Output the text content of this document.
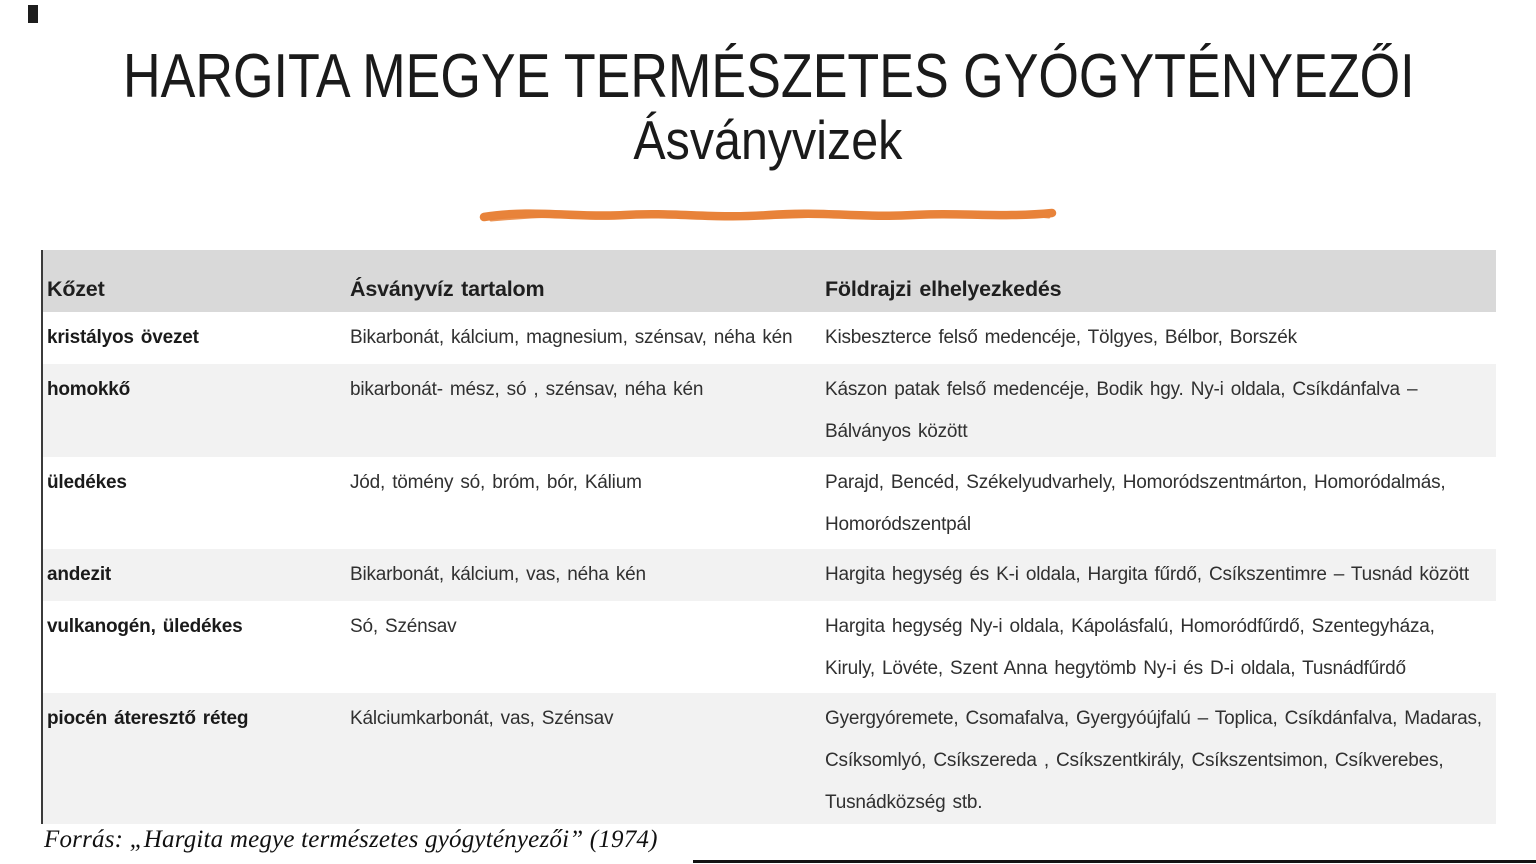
HARGITA MEGYE TERMÉSZETES GYÓGYTÉNYEZŐI
Ásványvizek
Kőzet	Ásványvíz tartalom	Földrajzi elhelyezkedés
kristályos övezet	Bikarbonát, kálcium, magnesium, szénsav, néha kén	Kisbeszterce felső medencéje, Tölgyes, Bélbor, Borszék
homokkő	bikarbonát- mész, só , szénsav, néha kén	Kászon patak felső medencéje, Bodik hgy. Ny-i oldala, Csíkdánfalva – Bálványos között
üledékes	Jód, tömény só, bróm, bór, Kálium	Parajd, Bencéd, Székelyudvarhely, Homoródszentmárton, Homoródalmás, Homoródszentpál
andezit	Bikarbonát, kálcium, vas, néha kén	Hargita hegység és K-i oldala, Hargita fűrdő, Csíkszentimre – Tusnád között
vulkanogén, üledékes	Só, Szénsav	Hargita hegység Ny-i oldala, Kápolásfalú, Homoródfűrdő, Szentegyháza, Kiruly, Lövéte, Szent Anna hegytömb Ny-i és D-i oldala, Tusnádfűrdő
piocén áteresztő réteg	Kálciumkarbonát, vas, Szénsav	Gyergyóremete, Csomafalva, Gyergyóújfalú – Toplica, Csíkdánfalva, Madaras, Csíksomlyó, Csíkszereda , Csíkszentkirály, Csíkszentsimon, Csíkverebes, Tusnádközség stb.

Forrás: „Hargita megye természetes gyógytényezői” (1974)
